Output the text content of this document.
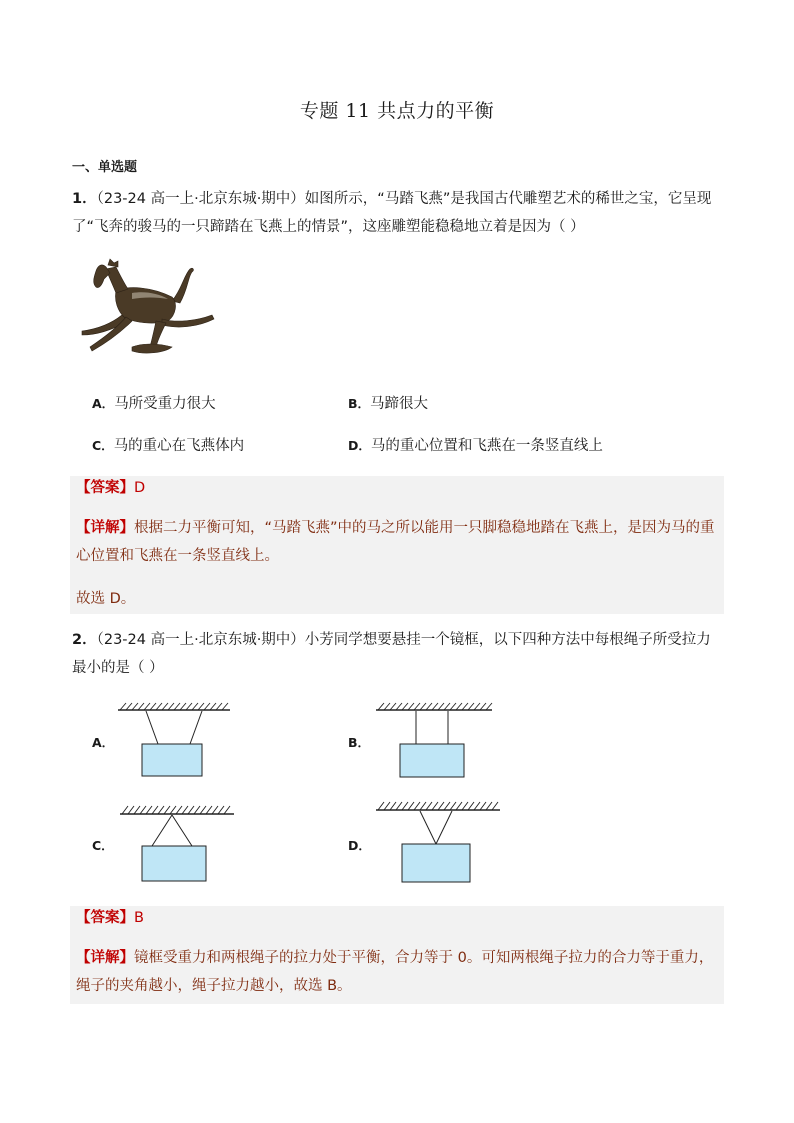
专题 11 共点力的平衡
一、单选题
1．（23-24 高一上·北京东城·期中）如图所示，“马踏飞燕”是我国古代雕塑艺术的稀世之宝，它呈现
了“飞奔的骏马的一只蹄踏在飞燕上的情景”，这座雕塑能稳稳地立着是因为（ ）
A．马所受重力很大	B．马蹄很大
C．马的重心在飞燕体内	D．马的重心位置和飞燕在一条竖直线上
【答案】D
【详解】根据二力平衡可知，“马踏飞燕”中的马之所以能用一只脚稳稳地踏在飞燕上，是因为马的重
心位置和飞燕在一条竖直线上。
故选 D。
2．（23-24 高一上·北京东城·期中）小芳同学想要悬挂一个镜框，以下四种方法中每根绳子所受拉力
最小的是（ ）
A．	B．
C．	D．
【答案】B
【详解】镜框受重力和两根绳子的拉力处于平衡，合力等于 0。可知两根绳子拉力的合力等于重力，
绳子的夹角越小，绳子拉力越小，故选 B。
